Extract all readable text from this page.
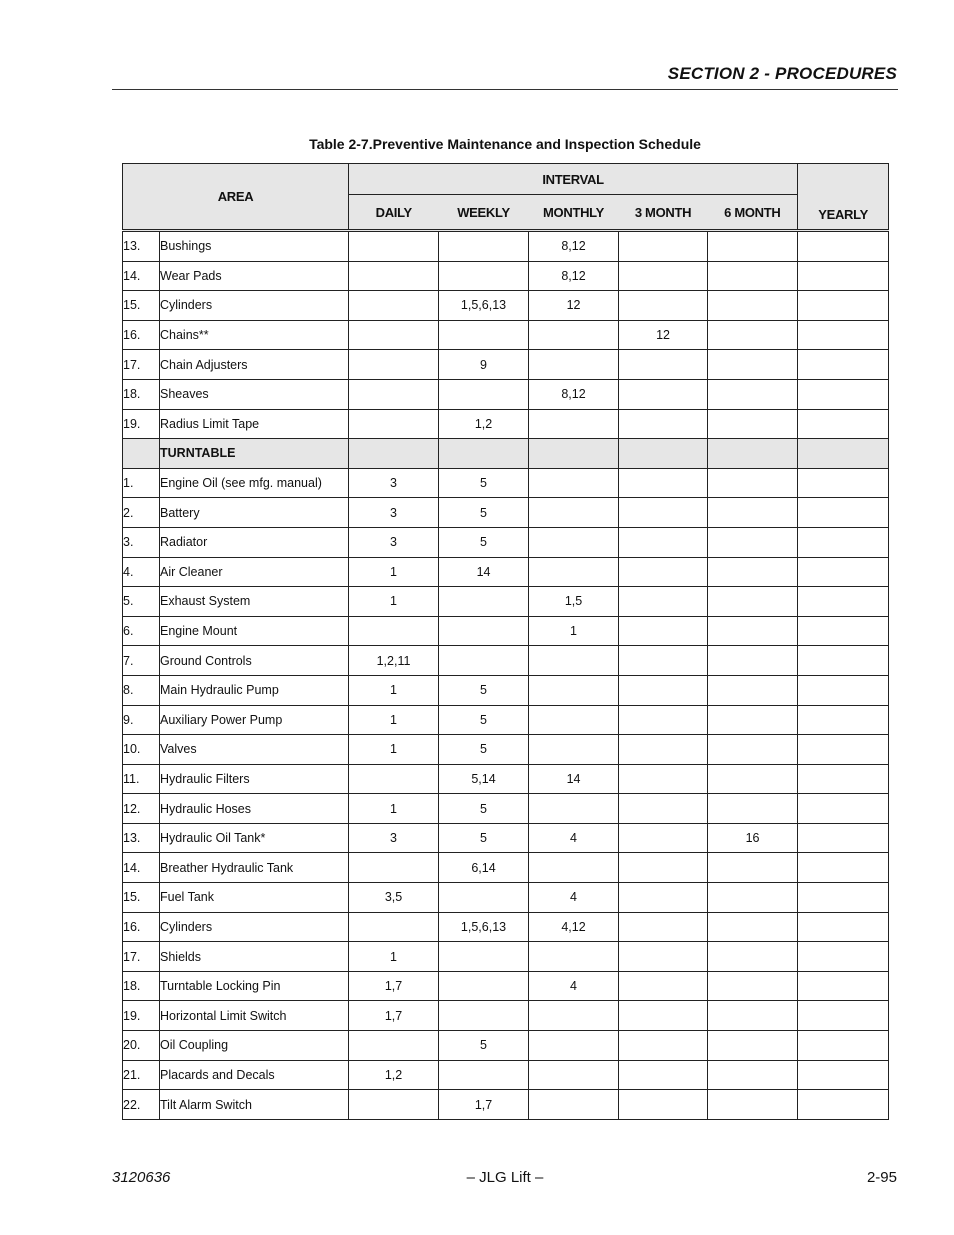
SECTION 2 - PROCEDURES
Table 2-7.Preventive Maintenance and Inspection Schedule
AREA		INTERVAL					YEARLY
		DAILY	WEEKLY	MONTHLY	3 MONTH	6 MONTH	
13.	Bushings			8,12			
14.	Wear Pads			8,12			
15.	Cylinders		1,5,6,13	12			
16.	Chains**				12		
17.	Chain Adjusters		9				
18.	Sheaves			8,12			
19.	Radius Limit Tape		1,2				
	TURNTABLE						
1.	Engine Oil (see mfg. manual)	3	5				
2.	Battery	3	5				
3.	Radiator	3	5				
4.	Air Cleaner	1	14				
5.	Exhaust System	1		1,5			
6.	Engine Mount			1			
7.	Ground Controls	1,2,11					
8.	Main Hydraulic Pump	1	5				
9.	Auxiliary Power Pump	1	5				
10.	Valves	1	5				
11.	Hydraulic Filters		5,14	14			
12.	Hydraulic Hoses	1	5				
13.	Hydraulic Oil Tank*	3	5	4		16	
14.	Breather Hydraulic Tank		6,14				
15.	Fuel Tank	3,5		4			
16.	Cylinders		1,5,6,13	4,12			
17.	Shields	1					
18.	Turntable Locking Pin	1,7		4			
19.	Horizontal Limit Switch	1,7					
20.	Oil Coupling		5				
21.	Placards and Decals	1,2					
22.	Tilt Alarm Switch		1,7				
3120636	– JLG Lift –	2-95
